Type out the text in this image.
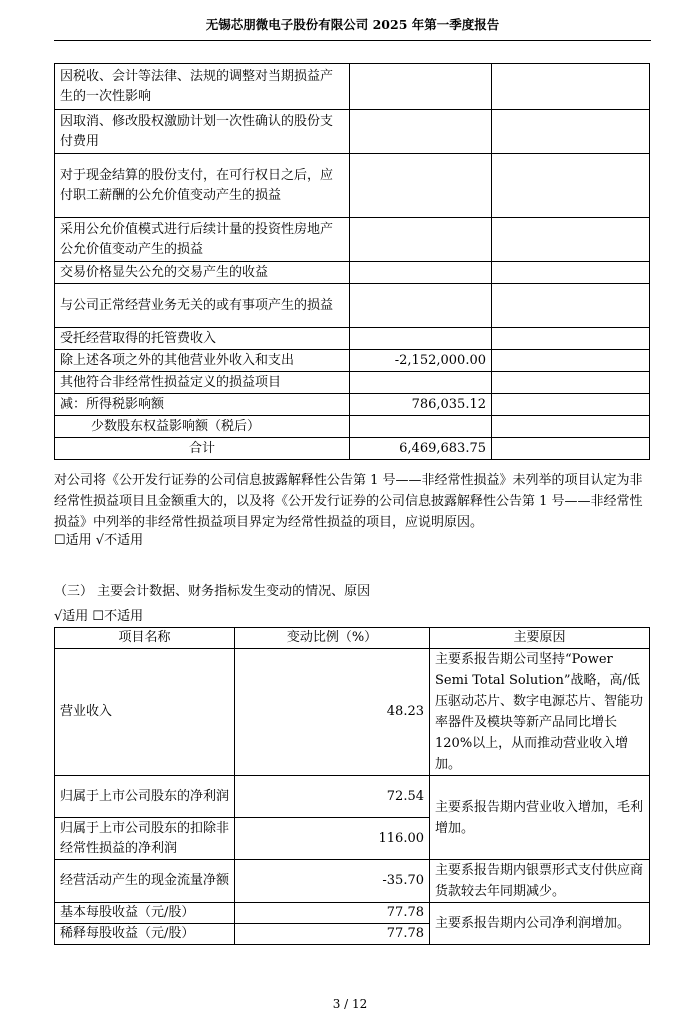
无锡芯朋微电子股份有限公司 2025 年第一季度报告
因税收、会计等法律、法规的调整对当期损益产生的一次性影响		
因取消、修改股权激励计划一次性确认的股份支付费用		
对于现金结算的股份支付，在可行权日之后，应付职工薪酬的公允价值变动产生的损益		
采用公允价值模式进行后续计量的投资性房地产公允价值变动产生的损益		
交易价格显失公允的交易产生的收益		
与公司正常经营业务无关的或有事项产生的损益		
受托经营取得的托管费收入		
除上述各项之外的其他营业外收入和支出	-2,152,000.00	
其他符合非经常性损益定义的损益项目		
减：所得税影响额	786,035.12	
少数股东权益影响额（税后）		
合计	6,469,683.75	
对公司将《公开发行证券的公司信息披露解释性公告第 1 号——非经常性损益》未列举的项目认定为非经常性损益项目且金额重大的，以及将《公开发行证券的公司信息披露解释性公告第 1 号——非经常性损益》中列举的非经常性损益项目界定为经常性损益的项目，应说明原因。
☐适用 √不适用
（三） 主要会计数据、财务指标发生变动的情况、原因
√适用 ☐不适用
项目名称	变动比例（%）	主要原因
营业收入	48.23	主要系报告期公司坚持“Power Semi Total Solution”战略，高/低压驱动芯片、数字电源芯片、智能功率器件及模块等新产品同比增长 120%以上，从而推动营业收入增加。
归属于上市公司股东的净利润	72.54	主要系报告期内营业收入增加，毛利增加。
归属于上市公司股东的扣除非经常性损益的净利润	116.00	
经营活动产生的现金流量净额	-35.70	主要系报告期内银票形式支付供应商货款较去年同期减少。
基本每股收益（元/股）	77.78	主要系报告期内公司净利润增加。
稀释每股收益（元/股）	77.78	
3 / 12
